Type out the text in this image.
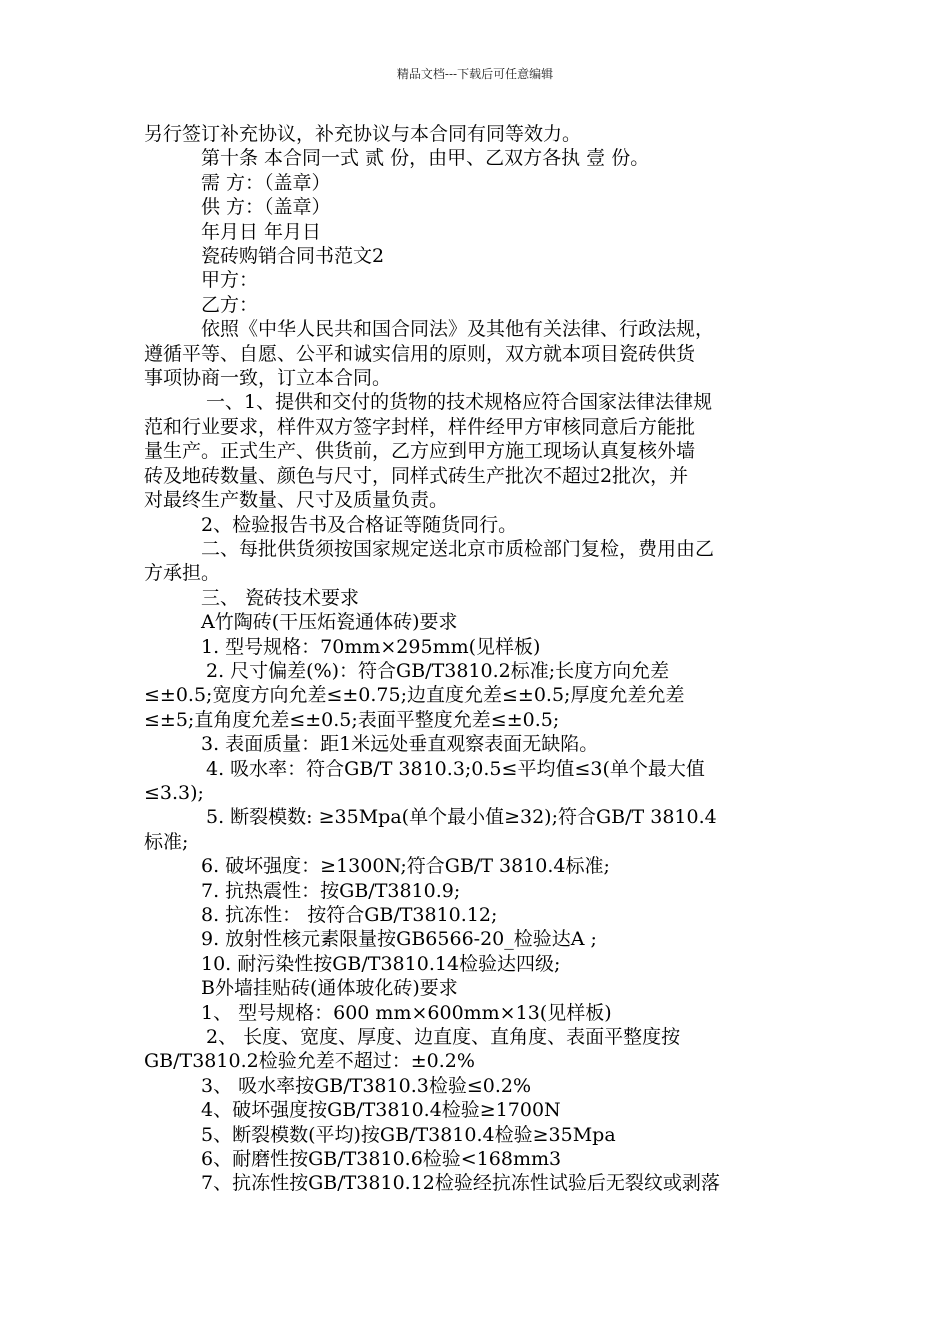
精品文档---下载后可任意编辑
另行签订补充协议，补充协议与本合同有同等效力。
第十条 本合同一式 贰 份，由甲、乙双方各执 壹 份。
需 方：（盖章）
供 方：（盖章）
年月日 年月日
瓷砖购销合同书范文2
甲方：
乙方：
依照《中华人民共和国合同法》及其他有关法律、行政法规，
遵循平等、自愿、公平和诚实信用的原则，双方就本项目瓷砖供货
事项协商一致，订立本合同。
一、1、提供和交付的货物的技术规格应符合国家法律法律规
范和行业要求，样件双方签字封样，样件经甲方审核同意后方能批
量生产。正式生产、供货前，乙方应到甲方施工现场认真复核外墙
砖及地砖数量、颜色与尺寸，同样式砖生产批次不超过2批次，并
对最终生产数量、尺寸及质量负责。
2、检验报告书及合格证等随货同行。
二、每批供货须按国家规定送北京市质检部门复检，费用由乙
方承担。
三、 瓷砖技术要求
A竹陶砖(干压炻瓷通体砖)要求
1. 型号规格：70mm×295mm(见样板)
2. 尺寸偏差(%)：符合GB/T3810.2标准;长度方向允差
≤±0.5;宽度方向允差≤±0.75;边直度允差≤±0.5;厚度允差允差
≤±5;直角度允差≤±0.5;表面平整度允差≤±0.5;
3. 表面质量：距1米远处垂直观察表面无缺陷。
4. 吸水率：符合GB/T 3810.3;0.5≤平均值≤3(单个最大值
≤3.3);
5. 断裂模数: ≥35Mpa(单个最小值≥32);符合GB/T 3810.4
标准;
6. 破坏强度：≥1300N;符合GB/T 3810.4标准;
7. 抗热震性：按GB/T3810.9;
8. 抗冻性： 按符合GB/T3810.12;
9. 放射性核元素限量按GB6566-20_检验达A ;
10. 耐污染性按GB/T3810.14检验达四级;
B外墙挂贴砖(通体玻化砖)要求
1、 型号规格：600 mm×600mm×13(见样板)
2、 长度、宽度、厚度、边直度、直角度、表面平整度按
GB/T3810.2检验允差不超过：±0.2%
3、 吸水率按GB/T3810.3检验≤0.2%
4、破坏强度按GB/T3810.4检验≥1700N
5、断裂模数(平均)按GB/T3810.4检验≥35Mpa
6、耐磨性按GB/T3810.6检验<168mm3
7、抗冻性按GB/T3810.12检验经抗冻性试验后无裂纹或剥落
